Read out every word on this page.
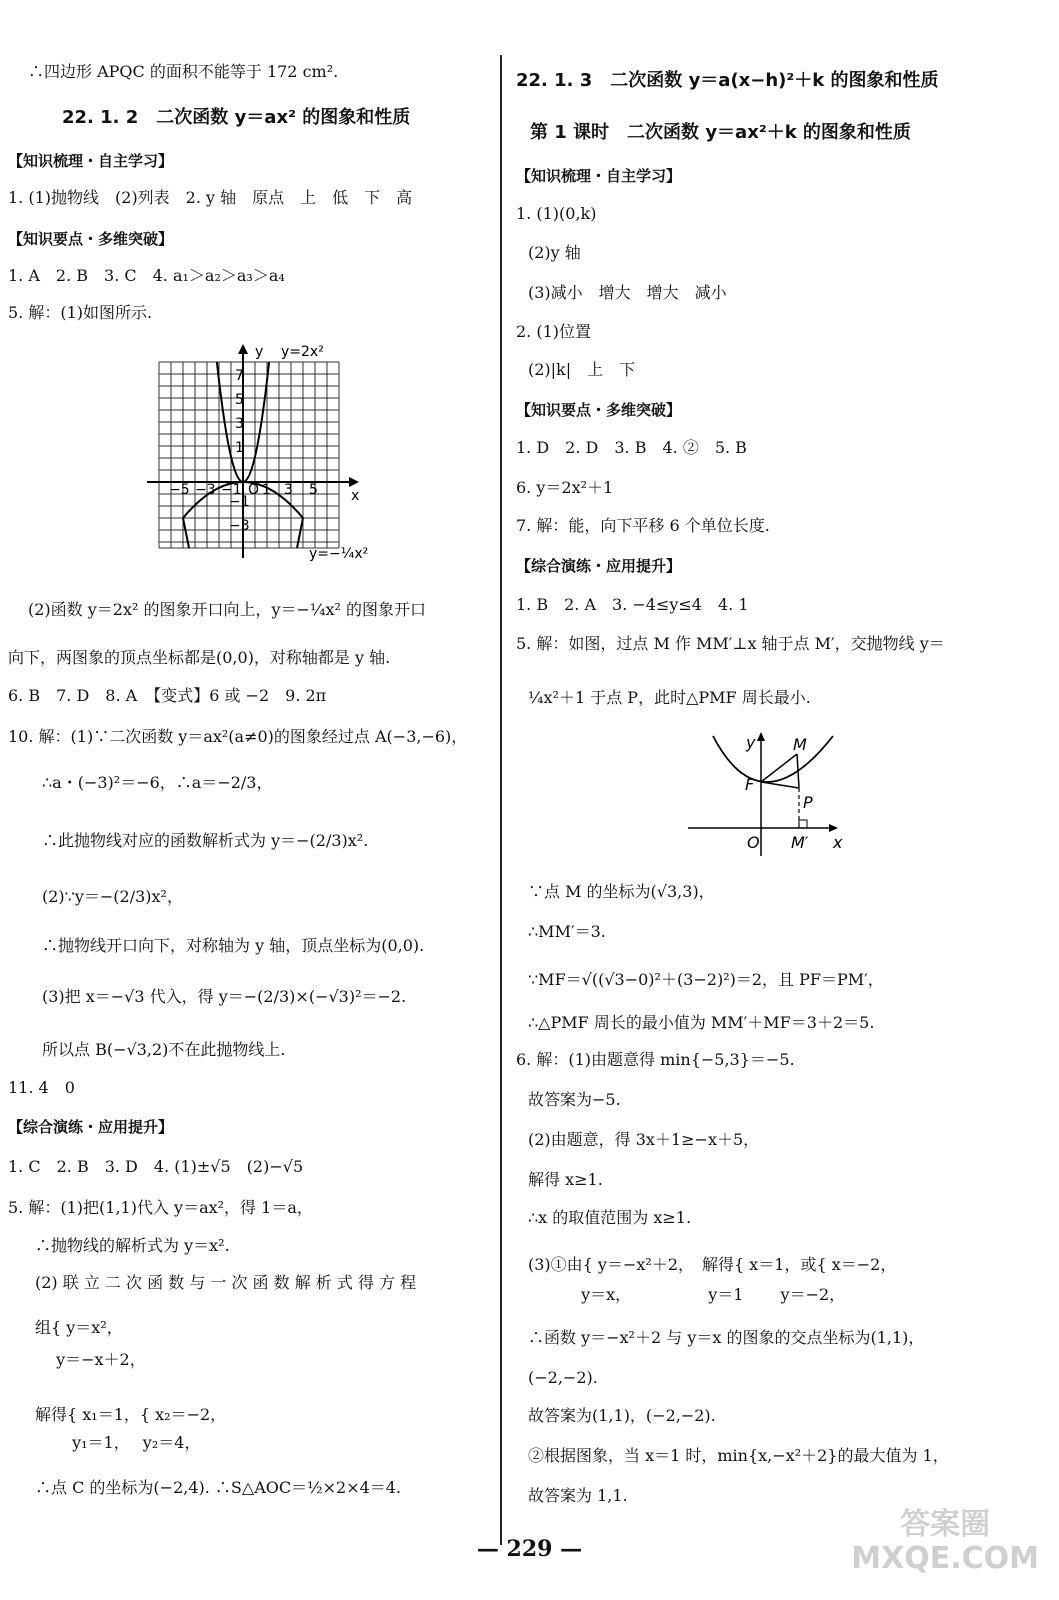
∴四边形 APQC 的面积不能等于 172 cm².
22. 1. 2　二次函数 y＝ax² 的图象和性质
【知识梳理・自主学习】
1. (1)抛物线　(2)列表　2. y 轴　原点　上　低　下　高
【知识要点・多维突破】
1. A　2. B　3. C　4. a₁＞a₂＞a₃＞a₄
5. 解：(1)如图所示.
y
x
y=2x²
y=−¼x²
−5 −3 −1 O 1 3 5
7
5
3
1
−1
−3
(2)函数 y＝2x² 的图象开口向上，y＝−¼x² 的图象开口
向下，两图象的顶点坐标都是(0,0)，对称轴都是 y 轴.
6. B　7. D　8. A　【变式】6 或 −2　9. 2π
10. 解：(1)∵二次函数 y＝ax²(a≠0)的图象经过点 A(−3,−6)，
∴a・(−3)²＝−6，∴a＝−2/3，
∴此抛物线对应的函数解析式为 y＝−(2/3)x².
(2)∵y＝−(2/3)x²，
∴抛物线开口向下，对称轴为 y 轴，顶点坐标为(0,0).
(3)把 x＝−√3 代入，得 y＝−(2/3)×(−√3)²＝−2.
所以点 B(−√3,2)不在此抛物线上.
11. 4　0
【综合演练・应用提升】
1. C　2. B　3. D　4. (1)±√5　(2)−√5
5. 解：(1)把(1,1)代入 y＝ax²，得 1＝a，
∴抛物线的解析式为 y＝x².
(2) 联 立 二 次 函 数 与 一 次 函 数 解 析 式 得 方 程
组{ y＝x²，
　 y＝−x＋2，
解得{ x₁＝1，{ x₂＝−2，
　　 y₁＝1，　 y₂＝4，
∴点 C 的坐标为(−2,4). ∴S△AOC＝½×2×4＝4.
22. 1. 3　二次函数 y＝a(x−h)²＋k 的图象和性质
第 1 课时　二次函数 y＝ax²＋k 的图象和性质
【知识梳理・自主学习】
1. (1)(0,k)
(2)y 轴
(3)减小　增大　增大　减小
2. (1)位置
(2)|k|　上　下
【知识要点・多维突破】
1. D　2. D　3. B　4. ②　5. B
6. y＝2x²＋1
7. 解：能，向下平移 6 个单位长度.
【综合演练・应用提升】
1. B　2. A　3. −4≤y≤4　4. 1
5. 解：如图，过点 M 作 MM′⊥x 轴于点 M′，交抛物线 y＝
¼x²＋1 于点 P，此时△PMF 周长最小.
y
x
O
M
F
P
M′
∵点 M 的坐标为(√3,3)，
∴MM′＝3.
∵MF＝√((√3−0)²＋(3−2)²)＝2，且 PF＝PM′，
∴△PMF 周长的最小值为 MM′＋MF＝3＋2＝5.
6. 解：(1)由题意得 min{−5,3}＝−5.
故答案为−5.
(2)由题意，得 3x＋1≥−x＋5，
解得 x≥1.
∴x 的取值范围为 x≥1.
(3)①由{ y＝−x²＋2，　解得{ x＝1，或{ x＝−2，
　　　 y＝x，　　　　　 y＝1　　 y＝−2，
∴函数 y＝−x²＋2 与 y＝x 的图象的交点坐标为(1,1)，
(−2,−2).
故答案为(1,1)，(−2,−2).
②根据图象，当 x＝1 时，min{x,−x²＋2}的最大值为 1，
故答案为 1,1.
— 229 —
答案圈
MXQE.COM
